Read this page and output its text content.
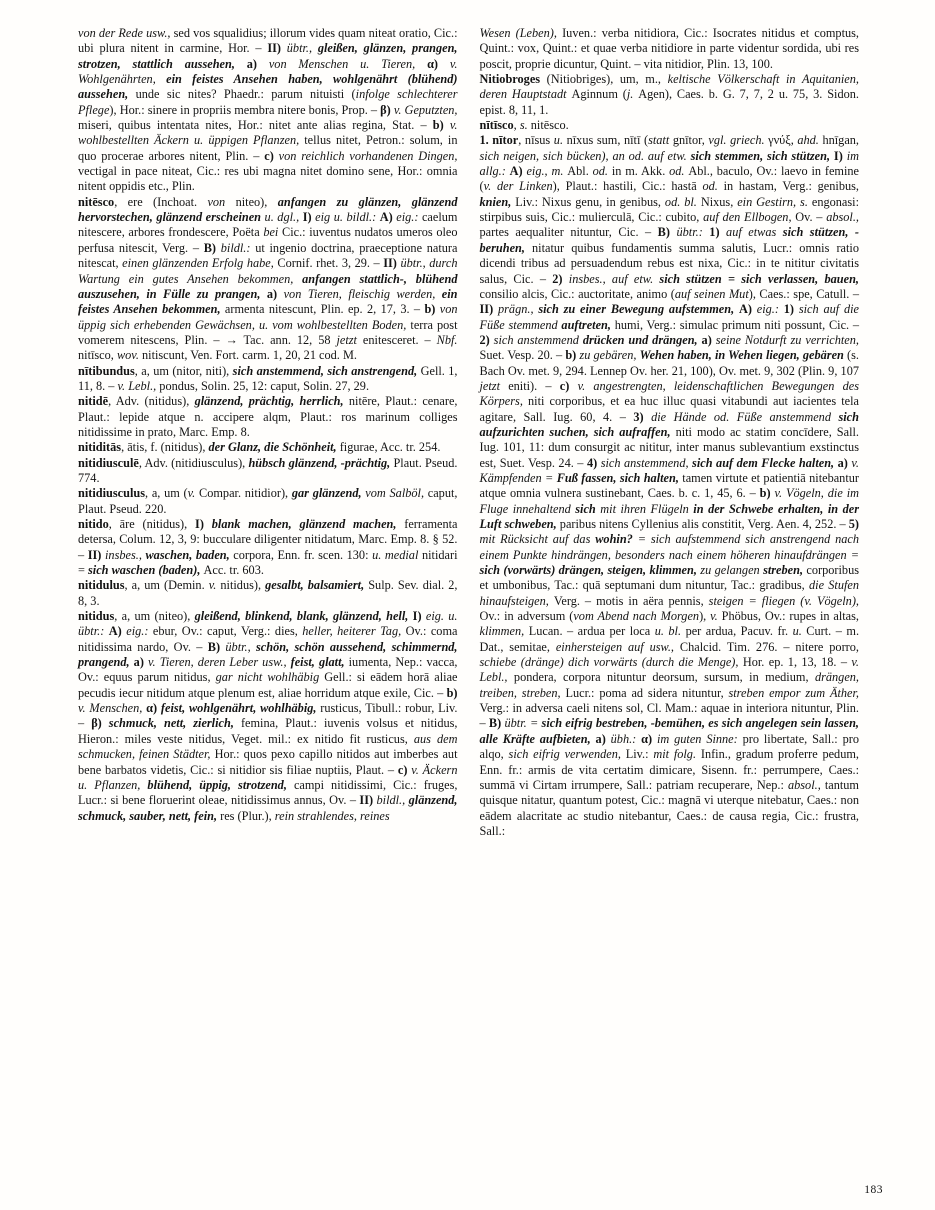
von der Rede usw., sed vos squalidius; illorum vides quam niteat oratio, Cic.: ubi plura nitent in carmine, Hor. – II) übtr., gleißen, glänzen, prangen, strotzen, stattlich aussehen, a) von Menschen u. Tieren, α) v. Wohlgenährten, ein feistes Ansehen haben, wohlgenährt (blühend) aussehen, unde sic nites? Phaedr.: parum nituisti (infolge schlechterer Pflege), Hor.: sinere in propriis membra nitere bonis, Prop. – β) v. Geputzten, miseri, quibus intentata nites, Hor.: nitet ante alias regina, Stat. – b) v. wohlbestellten Äckern u. üppigen Pflanzen, tellus nitet, Petron.: solum, in quo procerae arbores nitent, Plin. – c) von reichlich vorhandenen Dingen, vectigal in pace niteat, Cic.: res ubi magna nitet domino sene, Hor.: omnia nitent oppidis etc., Plin.

nitēsco, ere (Inchoat. von niteo), anfangen zu glänzen, glänzend hervorstechen, glänzend erscheinen u. dgl., I) eig u. bildl.: A) eig.: caelum nitescere, arbores frondescere, Poëta bei Cic.: iuventus nudatos umeros oleo perfusa nitescit, Verg. – B) bildl.: ut ingenio doctrina, praeceptione natura nitescat, einen glänzenden Erfolg habe, Cornif. rhet. 3, 29. – II) übtr., durch Wartung ein gutes Ansehen bekommen, anfangen stattlich-, blühend auszusehen, in Fülle zu prangen, a) von Tieren, fleischig werden, ein feistes Ansehen bekommen, armenta nitescunt, Plin. ep. 2, 17, 3. – b) von üppig sich erhebenden Gewächsen, u. vom wohlbestellten Boden, terra post vomerem nitescens, Plin. – → Tac. ann. 12, 58 jetzt enitesceret. – Nbf. nitīsco, wov. nitiscunt, Ven. Fort. carm. 1, 20, 21 cod. M.

nītibundus, a, um (nitor, niti), sich anstemmend, sich anstrengend, Gell. 1, 11, 8. – v. Lebl., pondus, Solin. 25, 12: caput, Solin. 27, 29.

nitidē, Adv. (nitidus), glänzend, prächtig, herrlich, nitēre, Plaut.: cenare, Plaut.: lepide atque n. accipere alqm, Plaut.: ros marinum colliges nitidissime in prato, Marc. Emp. 8.

nitiditās, ātis, f. (nitidus), der Glanz, die Schönheit, figurae, Acc. tr. 254.

nitidiusculē, Adv. (nitidiusculus), hübsch glänzend, -prächtig, Plaut. Pseud. 774.

nitidiusculus, a, um (v. Compar. nitidior), gar glänzend, vom Salböl, caput, Plaut. Pseud. 220.

nitido, āre (nitidus), I) blank machen, glänzend machen, ferramenta detersa, Colum. 12, 3, 9: bucculare diligenter nitidatum, Marc. Emp. 8. § 52. – II) insbes., waschen, baden, corpora, Enn. fr. scen. 130: u. medial nitidari = sich waschen (baden), Acc. tr. 603.

nitidulus, a, um (Demin. v. nitidus), gesalbt, balsamiert, Sulp. Sev. dial. 2, 8, 3.

nitidus, a, um (niteo), gleißend, blinkend, blank, glänzend, hell, I) eig. u. übtr.: A) eig.: ebur, Ov.: caput, Verg.: dies, heller, heiterer Tag, Ov.: coma nitidissima nardo, Ov. – B) übtr., schön, schön aussehend, schimmernd, prangend, a) v. Tieren, deren Leber usw., feist, glatt, iumenta, Nep.: vacca, Ov.: equus parum nitidus, gar nicht wohlhäbig Gell.: si eādem horā aliae pecudis iecur nitidum atque plenum est, aliae horridum atque exile, Cic. – b) v. Menschen, α) feist, wohlgenährt, wohlhäbig, rusticus, Tibull.: robur, Liv. – β) schmuck, nett, zierlich, femina, Plaut.: iuvenis volsus et nitidus, Hieron.: miles veste nitidus, Veget. mil.: ex nitido fit rusticus, aus dem schmucken, feinen Städter, Hor.: quos pexo capillo nitidos aut imberbes aut bene barbatos videtis, Cic.: si nitidior sis filiae nuptiis, Plaut. – c) v. Äckern u. Pflanzen, blühend, üppig, strotzend, campi nitidissimi, Cic.: fruges, Lucr.: si bene floruerint oleae, nitidissimus annus, Ov. – II) bildl., glänzend, schmuck, sauber, nett, fein, res (Plur.), rein strahlendes, reines

Wesen (Leben), Iuven.: verba nitidiora, Cic.: Isocrates nitidus et comptus, Quint.: vox, Quint.: et quae verba nitidiore in parte videntur sordida, ubi res poscit, proprie dicuntur, Quint. – vita nitidior, Plin. 13, 100.

Nitiobroges (Nitiobriges), um, m., keltische Völkerschaft in Aquitanien, deren Hauptstadt Aginnum (j. Agen), Caes. b. G. 7, 7, 2 u. 75, 3. Sidon. epist. 8, 11, 1.

nītīsco, s. nitēsco.

1. nītor, nīsus u. nīxus sum, nītī (statt gnītor, vgl. griech. γνύξ, ahd. hnīgan, sich neigen, sich bücken), an od. auf etw. sich stemmen, sich stützen, I) im allg.: A) eig., m. Abl. od. in m. Akk. od. Abl., baculo, Ov.: laevo in femine (v. der Linken), Plaut.: hastili, Cic.: hastā od. in hastam, Verg.: genibus, knien, Liv.: Nixus genu, in genibus, od. bl. Nixus, ein Gestirn, s. engonasi: stirpibus suis, Cic.: mulierculā, Cic.: cubito, auf den Ellbogen, Ov. – absol., partes aequaliter nituntur, Cic. – B) übtr.: 1) auf etwas sich stützen, -beruhen, nitatur quibus fundamentis summa salutis, Lucr.: omnis ratio dicendi tribus ad persuadendum rebus est nixa, Cic.: in te nititur civitatis salus, Cic. – 2) insbes., auf etw. sich stützen = sich verlassen, bauen, consilio alcis, Cic.: auctoritate, animo (auf seinen Mut), Caes.: spe, Catull. – II) prägn., sich zu einer Bewegung aufstemmen, A) eig.: 1) sich auf die Füße stemmend auftreten, humi, Verg.: simulac primum niti possunt, Cic. – 2) sich anstemmend drücken und drängen, a) seine Notdurft zu verrichten, Suet. Vesp. 20. – b) zu gebären, Wehen haben, in Wehen liegen, gebären (s. Bach Ov. met. 9, 294. Lennep Ov. her. 21, 100), Ov. met. 9, 302 (Plin. 9, 107 jetzt eniti). – c) v. angestrengten, leidenschaftlichen Bewegungen des Körpers, niti corporibus, et ea huc illuc quasi vitabundi aut iacientes tela agitare, Sall. Iug. 60, 4. – 3) die Hände od. Füße anstemmend sich aufzurichten suchen, sich aufraffen, niti modo ac statim concīdere, Sall. Iug. 101, 11: dum consurgit ac nititur, inter manus sublevantium exstinctus est, Suet. Vesp. 24. – 4) sich anstemmend, sich auf dem Flecke halten, a) v. Kämpfenden = Fuß fassen, sich halten, tamen virtute et patientiā nitebantur atque omnia vulnera sustinebant, Caes. b. c. 1, 45, 6. – b) v. Vögeln, die im Fluge innehaltend sich mit ihren Flügeln in der Schwebe erhalten, in der Luft schweben, paribus nitens Cyllenius alis constitit, Verg. Aen. 4, 252. – 5) mit Rücksicht auf das wohin? = sich aufstemmend sich anstrengend nach einem Punkte hindrängen, besonders nach einem höheren hinaufdrängen = sich (vorwärts) drängen, steigen, klimmen, zu gelangen streben, corporibus et umbonibus, Tac.: quā septumani dum nituntur, Tac.: gradibus, die Stufen hinaufsteigen, Verg. – motis in aëra pennis, steigen = fliegen (v. Vögeln), Ov.: in adversum (vom Abend nach Morgen), v. Phöbus, Ov.: rupes in altas, klimmen, Lucan. – ardua per loca u. bl. per ardua, Pacuv. fr. u. Curt. – m. Dat., semitae, einhersteigen auf usw., Chalcid. Tim. 276. – nitere porro, schiebe (dränge) dich vorwärts (durch die Menge), Hor. ep. 1, 13, 18. – v. Lebl., pondera, corpora nituntur deorsum, sursum, in medium, drängen, treiben, streben, Lucr.: poma ad sidera nituntur, streben empor zum Äther, Verg.: in adversa caeli nitens sol, Cl. Mam.: aquae in interiora nituntur, Plin. – B) übtr. = sich eifrig bestreben, -bemühen, es sich angelegen sein lassen, alle Kräfte aufbieten, a) übh.: α) im guten Sinne: pro libertate, Sall.: pro alqo, sich eifrig verwenden, Liv.: mit folg. Infin., gradum proferre pedum, Enn. fr.: armis de vita certatim dimicare, Sisenn. fr.: perrumpere, Caes.: summā vi Cirtam irrumpere, Sall.: patriam recuperare, Nep.: absol., tantum quisque nitatur, quantum potest, Cic.: magnā vi uterque nitebatur, Caes.: non eādem alacritate ac studio nitebantur, Caes.: de causa regia, Cic.: frustra, Sall.:

183
